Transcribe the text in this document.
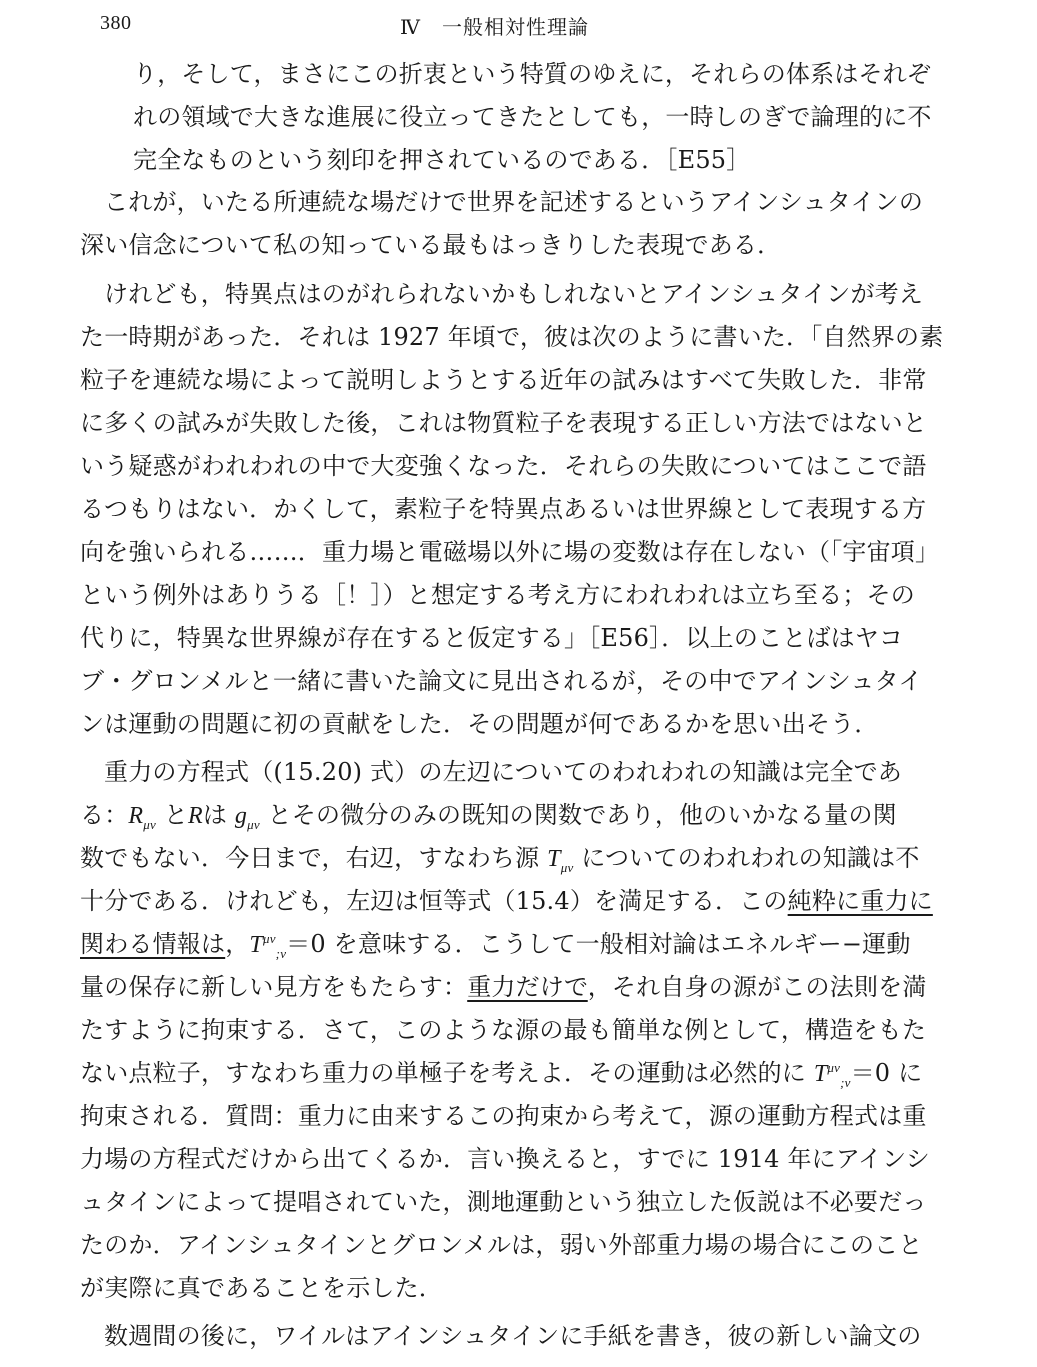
380	Ⅳ　一般相対性理論
り，そして，まさにこの折衷という特質のゆえに，それらの体系はそれぞ
れの領域で大きな進展に役立ってきたとしても，一時しのぎで論理的に不
完全なものという刻印を押されているのである．［E55］
これが，いたる所連続な場だけで世界を記述するというアインシュタインの
深い信念について私の知っている最もはっきりした表現である．
けれども，特異点はのがれられないかもしれないとアインシュタインが考え
た一時期があった．それは 1927 年頃で，彼は次のように書いた．「自然界の素
粒子を連続な場によって説明しようとする近年の試みはすべて失敗した．非常
に多くの試みが失敗した後，これは物質粒子を表現する正しい方法ではないと
いう疑惑がわれわれの中で大変強くなった．それらの失敗についてはここで語
るつもりはない．かくして，素粒子を特異点あるいは世界線として表現する方
向を強いられる……．重力場と電磁場以外に場の変数は存在しない（「宇宙項」
という例外はありうる［！］）と想定する考え方にわれわれは立ち至る；その
代りに，特異な世界線が存在すると仮定する」［E56］．以上のことばはヤコ
ブ・グロンメルと一緒に書いた論文に見出されるが，その中でアインシュタイ
ンは運動の問題に初の貢献をした．その問題が何であるかを思い出そう．
重力の方程式（(15.20) 式）の左辺についてのわれわれの知識は完全であ
る：$R_{\mu\nu}$ とRは $g_{\mu\nu}$ とその微分のみの既知の関数であり，他のいかなる量の関
数でもない．今日まで，右辺，すなわち源 $T_{\mu\nu}$ についてのわれわれの知識は不
十分である．けれども，左辺は恒等式（15.4）を満足する．この純粋に重力に
関わる情報は，$T^{\mu\nu}_{;\nu}=0$ を意味する．こうして一般相対論はエネルギー−運動
量の保存に新しい見方をもたらす：重力だけで，それ自身の源がこの法則を満
たすように拘束する．さて，このような源の最も簡単な例として，構造をもた
ない点粒子，すなわち重力の単極子を考えよ．その運動は必然的に $T^{\mu\nu}_{;\nu}=0$ に
拘束される．質問：重力に由来するこの拘束から考えて，源の運動方程式は重
力場の方程式だけから出てくるか．言い換えると，すでに 1914 年にアインシ
ュタインによって提唱されていた，測地運動という独立した仮説は不必要だっ
たのか．アインシュタインとグロンメルは，弱い外部重力場の場合にこのこと
が実際に真であることを示した．
数週間の後に，ワイルはアインシュタインに手紙を書き，彼の新しい論文の
